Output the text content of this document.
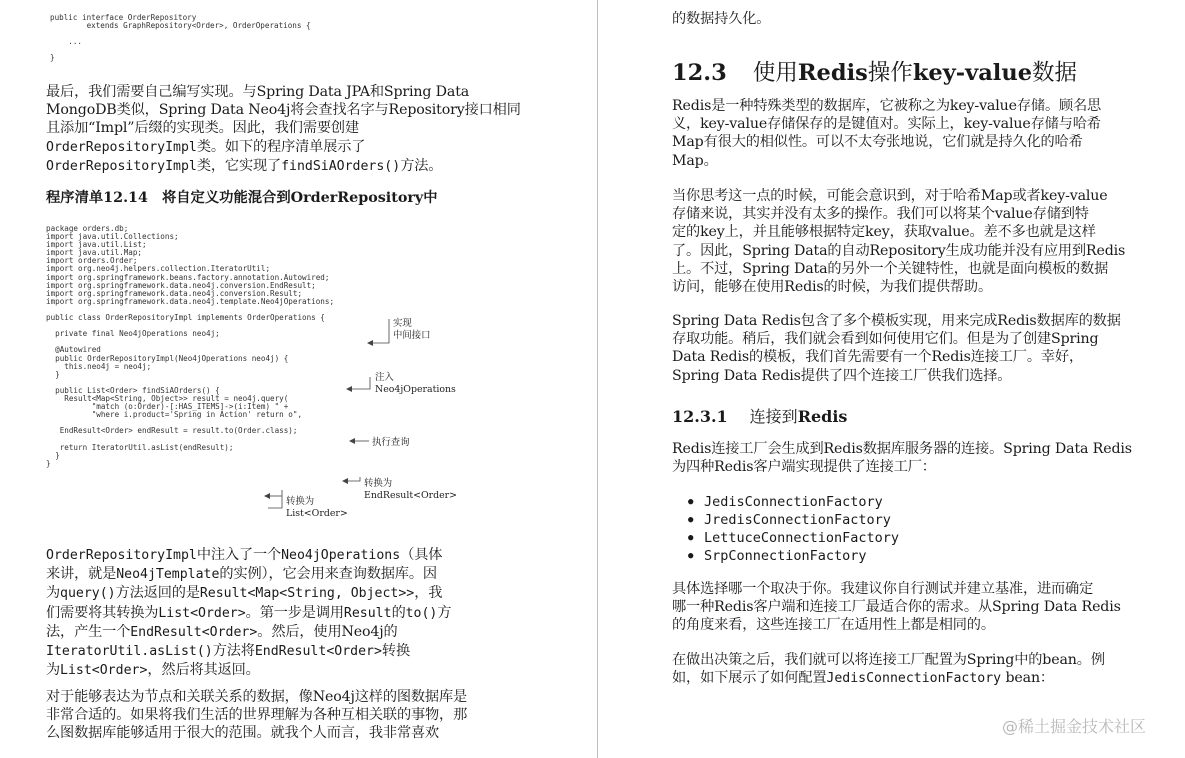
public interface OrderRepository
extends GraphRepository<Order>, OrderOperations {

...

}
最后，我们需要自己编写实现。与Spring Data JPA和Spring Data
MongoDB类似，Spring Data Neo4j将会查找名字与Repository接口相同
且添加“Impl”后缀的实现类。因此，我们需要创建
OrderRepositoryImpl类。如下的程序清单展示了
OrderRepositoryImpl类，它实现了findSiAOrders()方法。

程序清单12.14 将自定义功能混合到OrderRepository中

package orders.db;
import java.util.Collections;
import java.util.List;
import java.util.Map;
import orders.Order;
import org.neo4j.helpers.collection.IteratorUtil;
import org.springframework.beans.factory.annotation.Autowired;
import org.springframework.data.neo4j.conversion.EndResult;
import org.springframework.data.neo4j.conversion.Result;
import org.springframework.data.neo4j.template.Neo4jOperations;

public class OrderRepositoryImpl implements OrderOperations {

private final Neo4jOperations neo4j;

@Autowired
public OrderRepositoryImpl(Neo4jOperations neo4j) {
this.neo4j = neo4j;
}

public List<Order> findSiAOrders() {
Result<Map<String, Object>> result = neo4j.query(
"match (o:Order)-[:HAS_ITEMS]->(i:Item) " +
"where i.product='Spring in Action' return o",

EndResult<Order> endResult = result.to(Order.class);

return IteratorUtil.asList(endResult);
}
}
实现
中间接口
注入
Neo4jOperations
执行查询
转换为
EndResult<Order>
转换为
List<Order>
OrderRepositoryImpl中注入了一个Neo4jOperations（具体
来讲，就是Neo4jTemplate的实例），它会用来查询数据库。因
为query()方法返回的是Result<Map<String, Object>>，我
们需要将其转换为List<Order>。第一步是调用Result的to()方
法，产生一个EndResult<Order>。然后，使用Neo4j的
IteratorUtil.asList()方法将EndResult<Order>转换
为List<Order>，然后将其返回。
对于能够表达为节点和关联关系的数据，像Neo4j这样的图数据库是
非常合适的。如果将我们生活的世界理解为各种互相关联的事物，那
么图数据库能够适用于很大的范围。就我个人而言，我非常喜欢
的数据持久化。
12.3 使用Redis操作key-value数据
Redis是一种特殊类型的数据库，它被称之为key-value存储。顾名思
义，key-value存储保存的是键值对。实际上，key-value存储与哈希
Map有很大的相似性。可以不太夸张地说，它们就是持久化的哈希
Map。
当你思考这一点的时候，可能会意识到，对于哈希Map或者key-value
存储来说，其实并没有太多的操作。我们可以将某个value存储到特
定的key上，并且能够根据特定key，获取value。差不多也就是这样
了。因此，Spring Data的自动Repository生成功能并没有应用到Redis
上。不过，Spring Data的另外一个关键特性，也就是面向模板的数据
访问，能够在使用Redis的时候，为我们提供帮助。
Spring Data Redis包含了多个模板实现，用来完成Redis数据库的数据
存取功能。稍后，我们就会看到如何使用它们。但是为了创建Spring
Data Redis的模板，我们首先需要有一个Redis连接工厂。幸好，
Spring Data Redis提供了四个连接工厂供我们选择。
12.3.1 连接到Redis
Redis连接工厂会生成到Redis数据库服务器的连接。Spring Data Redis
为四种Redis客户端实现提供了连接工厂：
● JedisConnectionFactory
● JredisConnectionFactory
● LettuceConnectionFactory
● SrpConnectionFactory
具体选择哪一个取决于你。我建议你自行测试并建立基准，进而确定
哪一种Redis客户端和连接工厂最适合你的需求。从Spring Data Redis
的角度来看，这些连接工厂在适用性上都是相同的。
在做出决策之后，我们就可以将连接工厂配置为Spring中的bean。例
如，如下展示了如何配置JedisConnectionFactory bean：
@稀土掘金技术社区
